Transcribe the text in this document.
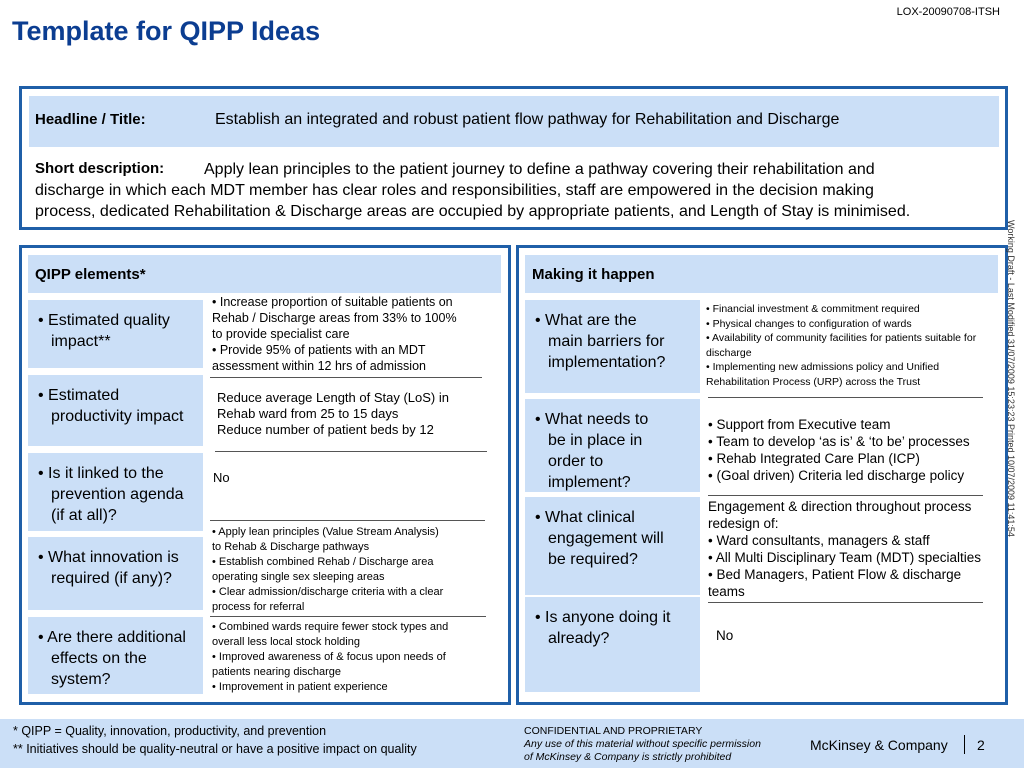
LOX-20090708-ITSH
Template for QIPP Ideas
Headline / Title:	Establish an integrated and robust patient flow pathway for Rehabilitation and Discharge
Short description: Apply lean principles to the patient journey to define a pathway covering their rehabilitation and
discharge in which each MDT member has clear roles and responsibilities, staff are empowered in the decision making
process, dedicated Rehabilitation & Discharge areas are occupied by appropriate patients, and Length of Stay is minimised.
QIPP elements*
• Estimated quality impact**
• Estimated productivity impact
• Is it linked to the prevention agenda (if at all)?
• What innovation is required (if any)?
• Are there additional effects on the system?
• Increase proportion of suitable patients on
Rehab / Discharge areas from 33% to 100%
to provide specialist care
• Provide 95% of patients with an MDT
assessment within 12 hrs of admission
Reduce average Length of Stay (LoS) in
Rehab ward from 25 to 15 days
Reduce number of patient beds by 12
No
• Apply lean principles (Value Stream Analysis)
to Rehab & Discharge pathways
• Establish combined Rehab / Discharge area
operating single sex sleeping areas
• Clear admission/discharge criteria with a clear
process for referral
• Combined wards require fewer stock types and
overall less local stock holding
• Improved awareness of & focus upon needs of
patients nearing discharge
• Improvement in patient experience
Making it happen
• What are the main barriers for implementation?
• What needs to be in place in order to implement?
• What clinical engagement will be required?
• Is anyone doing it already?
• Financial investment & commitment required
• Physical changes to configuration of wards
• Availability of community facilities for patients suitable for
discharge
• Implementing new admissions policy and Unified
Rehabilitation Process (URP) across the Trust
• Support from Executive team
• Team to develop ‘as is’ & ‘to be’ processes
• Rehab Integrated Care Plan (ICP)
• (Goal driven) Criteria led discharge policy
Engagement & direction throughout process
redesign of:
• Ward consultants, managers & staff
• All Multi Disciplinary Team (MDT) specialties
• Bed Managers, Patient Flow & discharge
teams
No
Working Draft - Last Modified 31/07/2009 15:23:23 Printed 10/07/2009 11:41:54
* QIPP = Quality, innovation, productivity, and prevention
** Initiatives should be quality-neutral or have a positive impact on quality
CONFIDENTIAL AND PROPRIETARY
Any use of this material without specific permission
of McKinsey & Company is strictly prohibited
McKinsey & Company 2
